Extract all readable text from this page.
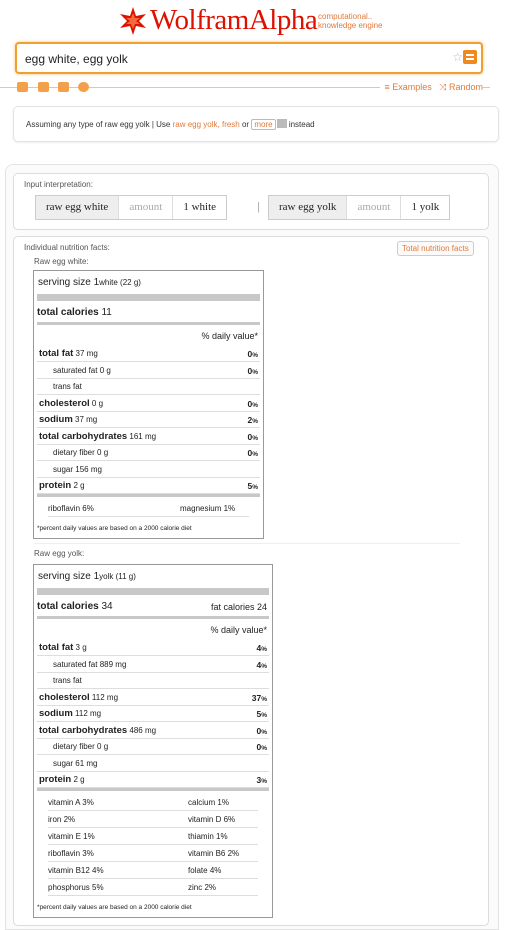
WolframAlpha computational..
knowledge engine
egg white, egg yolk	☆
≡ Examples ⤨ Random
Assuming any type of raw egg yolk | Use raw egg yolk, fresh or more instead
Input interpretation:
raw egg white	amount	1 white	|	raw egg yolk	amount	1 yolk
Individual nutrition facts:	Total nutrition facts
Raw egg white:
Raw egg yolk:
serving size 1white (22 g)
total calories 11
% daily value*
total fat 37 mg	0%
saturated fat 0 g	0%
trans fat
cholesterol 0 g	0%
sodium 37 mg	2%
total carbohydrates 161 mg	0%
dietary fiber 0 g	0%
sugar 156 mg
protein 2 g	5%
riboflavin 6%	magnesium 1%
*percent daily values are based on a 2000 calorie diet
serving size 1yolk (11 g)
total calories 34	fat calories 24
% daily value*
total fat 3 g	4%
saturated fat 889 mg	4%
trans fat
cholesterol 112 mg	37%
sodium 112 mg	5%
total carbohydrates 486 mg	0%
dietary fiber 0 g	0%
sugar 61 mg
protein 2 g	3%
vitamin A 3%	calcium 1%
iron 2%	vitamin D 6%
vitamin E 1%	thiamin 1%
riboflavin 3%	vitamin B6 2%
vitamin B12 4%	folate 4%
phosphorus 5%	zinc 2%
*percent daily values are based on a 2000 calorie diet
